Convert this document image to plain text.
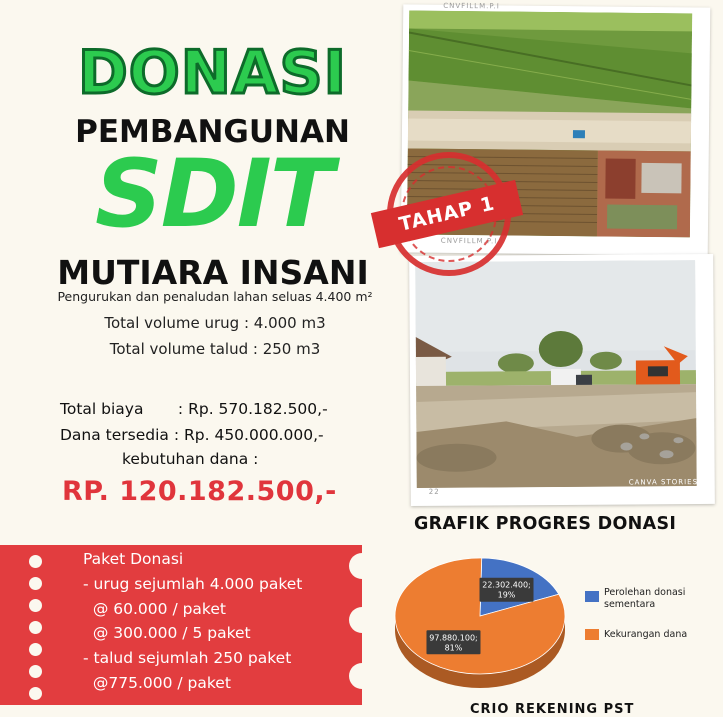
DONASI
PEMBANGUNAN
SDIT
MUTIARA INSANI
Pengurukan dan penaludan lahan seluas 4.400 m²
Total volume urug : 4.000 m3
Total volume talud : 250 m3
Total biaya       : Rp. 570.182.500,-
Dana tersedia : Rp. 450.000.000,-
kebutuhan dana :
RP. 120.182.500,-
Paket Donasi
- urug sejumlah 4.000 paket
@ 60.000 / paket
@ 300.000 / 5 paket
- talud sejumlah 250 paket
@775.000 / paket
CNVFILLM.P.I
CNVFILLM.P.I
22
CANVA STORIES
TAHAP 1
GRAFIK PROGRES DONASI
22.302.400;
19%
97.880.100;
81%
Perolehan donasi sementara
Kekurangan dana
CRIO REKENING PST
